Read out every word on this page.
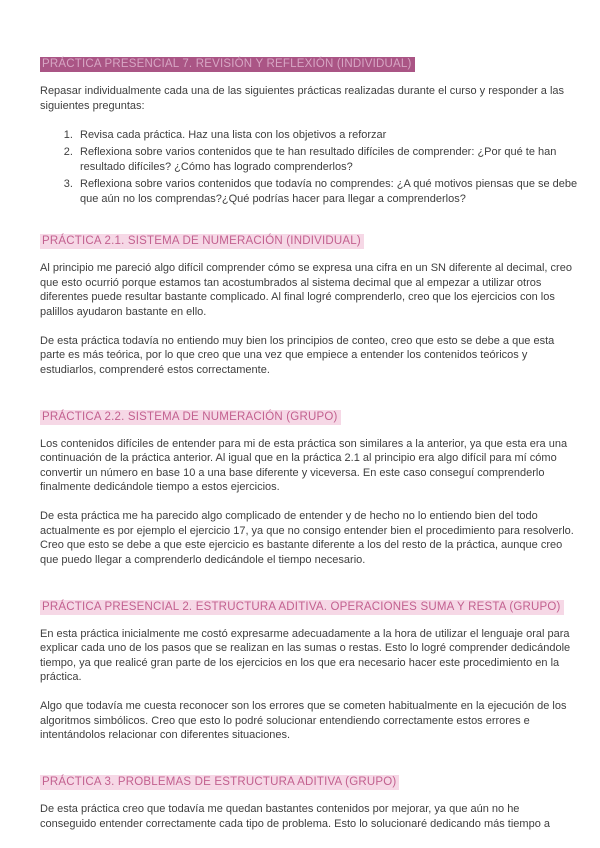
PRÁCTICA PRESENCIAL 7. REVISIÓN Y REFLEXIÓN (INDIVIDUAL)

Repasar individualmente cada una de las siguientes prácticas realizadas durante el curso y responder a las siguientes preguntas:

1. Revisa cada práctica. Haz una lista con los objetivos a reforzar
2. Reflexiona sobre varios contenidos que te han resultado difíciles de comprender: ¿Por qué te han resultado difíciles? ¿Cómo has logrado comprenderlos?
3. Reflexiona sobre varios contenidos que todavía no comprendes: ¿A qué motivos piensas que se debe que aún no los comprendas?¿Qué podrías hacer para llegar a comprenderlos?
PRÁCTICA 2.1. SISTEMA DE NUMERACIÓN (INDIVIDUAL)

Al principio me pareció algo difícil comprender cómo se expresa una cifra en un SN diferente al decimal, creo que esto ocurrió porque estamos tan acostumbrados al sistema decimal que al empezar a utilizar otros diferentes puede resultar bastante complicado. Al final logré comprenderlo, creo que los ejercicios con los palillos ayudaron bastante en ello.

De esta práctica todavía no entiendo muy bien los principios de conteo, creo que esto se debe a que esta parte es más teórica, por lo que creo que una vez que empiece a entender los contenidos teóricos y estudiarlos, comprenderé estos correctamente.

PRÁCTICA 2.2. SISTEMA DE NUMERACIÓN (GRUPO)

Los contenidos difíciles de entender para mi de esta práctica son similares a la anterior, ya que esta era una continuación de la práctica anterior. Al igual que en la práctica 2.1 al principio era algo difícil para mí cómo convertir un número en base 10 a una base diferente y viceversa. En este caso conseguí comprenderlo finalmente dedicándole tiempo a estos ejercicios.

De esta práctica me ha parecido algo complicado de entender y de hecho no lo entiendo bien del todo actualmente es por ejemplo el ejercicio 17, ya que no consigo entender bien el procedimiento para resolverlo. Creo que esto se debe a que este ejercicio es bastante diferente a los del resto de la práctica, aunque creo que puedo llegar a comprenderlo dedicándole el tiempo necesario.

PRÁCTICA PRESENCIAL 2. ESTRUCTURA ADITIVA. OPERACIONES SUMA Y RESTA (GRUPO)

En esta práctica inicialmente me costó expresarme adecuadamente a la hora de utilizar el lenguaje oral para explicar cada uno de los pasos que se realizan en las sumas o restas. Esto lo logré comprender dedicándole tiempo, ya que realicé gran parte de los ejercicios en los que era necesario hacer este procedimiento en la práctica.

Algo que todavía me cuesta reconocer son los errores que se cometen habitualmente en la ejecución de los algoritmos simbólicos. Creo que esto lo podré solucionar entendiendo correctamente estos errores e intentándolos relacionar con diferentes situaciones.

PRÁCTICA 3. PROBLEMAS DE ESTRUCTURA ADITIVA (GRUPO)

De esta práctica creo que todavía me quedan bastantes contenidos por mejorar, ya que aún no he conseguido entender correctamente cada tipo de problema. Esto lo solucionaré dedicando más tiempo a
